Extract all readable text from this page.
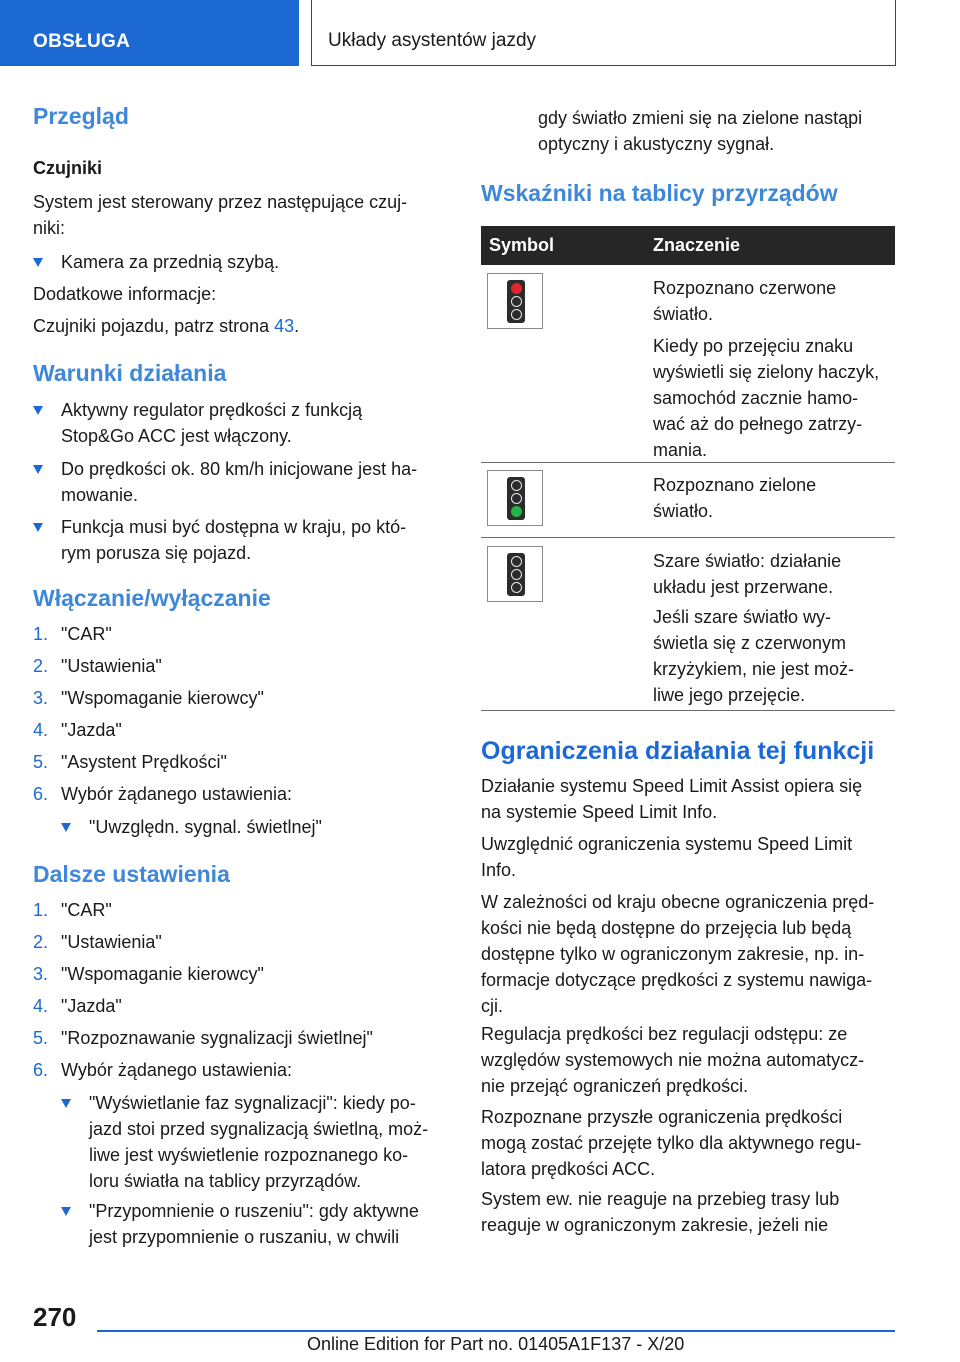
OBSŁUGA	Układy asystentów jazdy
Przegląd
Czujniki
System jest sterowany przez następujące czuj-
niki:
Kamera za przednią szybą.
Dodatkowe informacje:
Czujniki pojazdu, patrz strona 43.
Warunki działania
Aktywny regulator prędkości z funkcją
Stop&Go ACC jest włączony.
Do prędkości ok. 80 km/h inicjowane jest ha-
mowanie.
Funkcja musi być dostępna w kraju, po któ-
rym porusza się pojazd.
Włączanie/wyłączanie
1. "CAR"
2. "Ustawienia"
3. "Wspomaganie kierowcy"
4. "Jazda"
5. "Asystent Prędkości"
6. Wybór żądanego ustawienia:
"Uwzględn. sygnal. świetlnej"
Dalsze ustawienia
1. "CAR"
2. "Ustawienia"
3. "Wspomaganie kierowcy"
4. "Jazda"
5. "Rozpoznawanie sygnalizacji świetlnej"
6. Wybór żądanego ustawienia:
"Wyświetlanie faz sygnalizacji": kiedy po-
jazd stoi przed sygnalizacją świetlną, moż-
liwe jest wyświetlenie rozpoznanego ko-
loru światła na tablicy przyrządów.
"Przypomnienie o ruszeniu": gdy aktywne
jest przypomnienie o ruszaniu, w chwili
gdy światło zmieni się na zielone nastąpi
optyczny i akustyczny sygnał.
Wskaźniki na tablicy przyrządów
Symbol	Znaczenie
Rozpoznano czerwone
światło.
Kiedy po przejęciu znaku
wyświetli się zielony haczyk,
samochód zacznie hamo-
wać aż do pełnego zatrzy-
mania.
Rozpoznano zielone
światło.
Szare światło: działanie
układu jest przerwane.
Jeśli szare światło wy-
świetla się z czerwonym
krzyżykiem, nie jest moż-
liwe jego przejęcie.
Ograniczenia działania tej funkcji
Działanie systemu Speed Limit Assist opiera się
na systemie Speed Limit Info.
Uwzględnić ograniczenia systemu Speed Limit
Info.
W zależności od kraju obecne ograniczenia pręd-
kości nie będą dostępne do przejęcia lub będą
dostępne tylko w ograniczonym zakresie, np. in-
formacje dotyczące prędkości z systemu nawiga-
cji.
Regulacja prędkości bez regulacji odstępu: ze
względów systemowych nie można automatycz-
nie przejąć ograniczeń prędkości.
Rozpoznane przyszłe ograniczenia prędkości
mogą zostać przejęte tylko dla aktywnego regu-
latora prędkości ACC.
System ew. nie reaguje na przebieg trasy lub
reaguje w ograniczonym zakresie, jeżeli nie
270
Online Edition for Part no. 01405A1F137 - X/20
